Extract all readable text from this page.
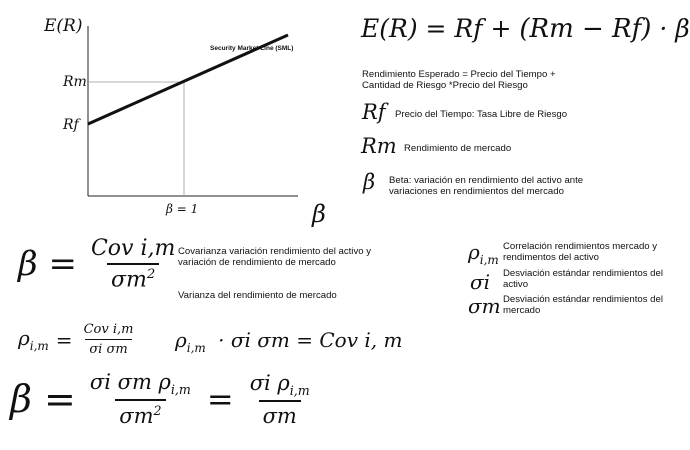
E(R)
Rm
Rf
β = 1	β
Security Market Line (SML)
E(R) = Rf + (Rm − Rf) · β
Rendimiento Esperado = Precio del Tiempo + Cantidad de Riesgo *Precio del Riesgo
Rf Precio del Tiempo: Tasa Libre de Riesgo
Rm Rendimiento de mercado
β Beta: variación en rendimiento del activo ante variaciones en rendimientos del mercado
$\beta = \frac{\text{Cov i,m}}{\sigma m^2}$
Covarianza variación rendimiento del activo y variación de rendimiento de mercado
Varianza del rendimiento de mercado
$\rho_{i,m}$
Correlación rendimientos mercado y rendimentos del activo
σi Desviación estándar rendimientos del activo
σm Desviación estándar rendimientos del mercado
$\rho_{i,m} = \frac{\text{Cov i,m}}{\text{σi σm}} \rho_{i,m} \cdot \sigma i$ σm = Cov i, m
$\beta = \frac{\sigma i \sigma m \rho_{i,m}}{\sigma m^2} = \frac{\sigma i \rho_{i,m}}{\sigma m}$
